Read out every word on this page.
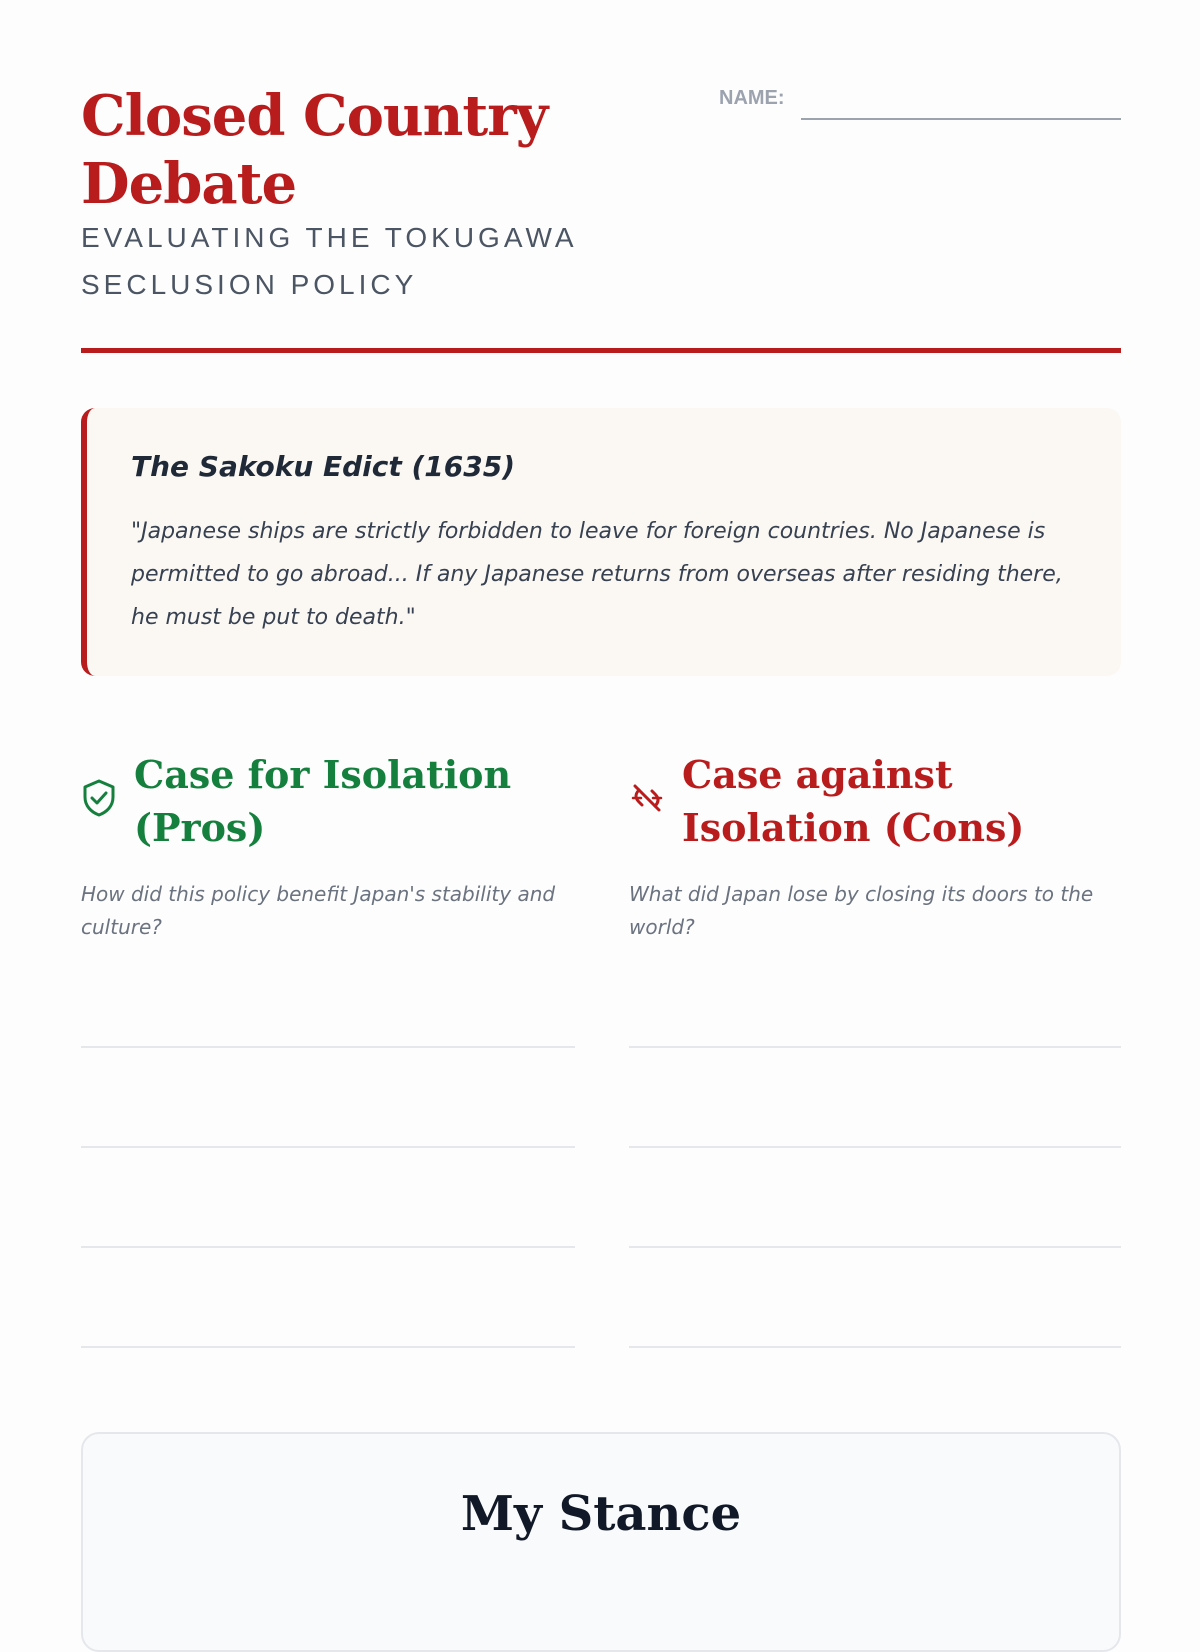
Closed Country Debate
EVALUATING THE TOKUGAWA SECLUSION POLICY
NAME:
The Sakoku Edict (1635)
"Japanese ships are strictly forbidden to leave for foreign countries. No Japanese is permitted to go abroad... If any Japanese returns from overseas after residing there, he must be put to death."
Case for Isolation (Pros)
How did this policy benefit Japan's stability and culture?
Case against Isolation (Cons)
What did Japan lose by closing its doors to the world?
My Stance
